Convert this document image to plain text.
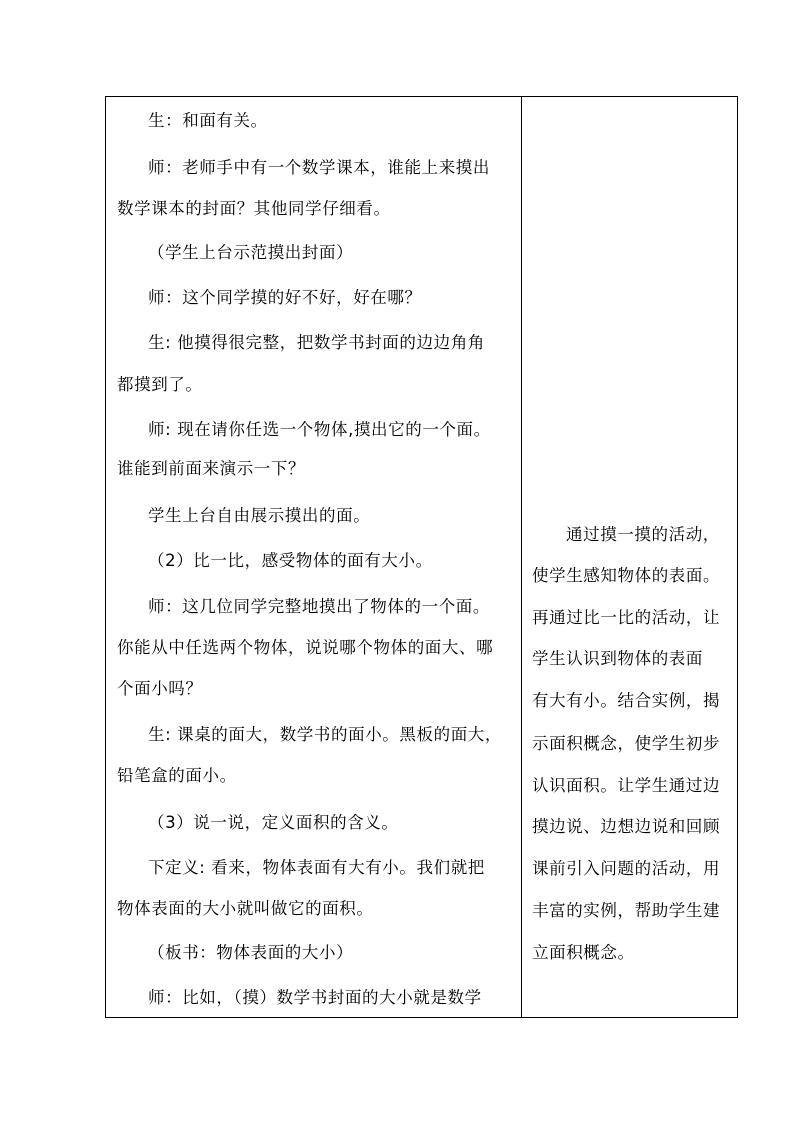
生：和面有关。
师：老师手中有一个数学课本，谁能上来摸出
数学课本的封面？其他同学仔细看。
（学生上台示范摸出封面）
师：这个同学摸的好不好，好在哪？
生: 他摸得很完整，把数学书封面的边边角角
都摸到了。
师: 现在请你任选一个物体,摸出它的一个面。
谁能到前面来演示一下？
学生上台自由展示摸出的面。
（2）比一比，感受物体的面有大小。
师：这几位同学完整地摸出了物体的一个面。
你能从中任选两个物体，说说哪个物体的面大、哪
个面小吗？
生: 课桌的面大，数学书的面小。黑板的面大，
铅笔盒的面小。
（3）说一说，定义面积的含义。
下定义: 看来，物体表面有大有小。我们就把
物体表面的大小就叫做它的面积。
（板书：物体表面的大小）
师：比如，（摸）数学书封面的大小就是数学
通过摸一摸的活动，
使学生感知物体的表面。
再通过比一比的活动，让
学生认识到物体的表面
有大有小。结合实例，揭
示面积概念，使学生初步
认识面积。让学生通过边
摸边说、边想边说和回顾
课前引入问题的活动，用
丰富的实例，帮助学生建
立面积概念。
